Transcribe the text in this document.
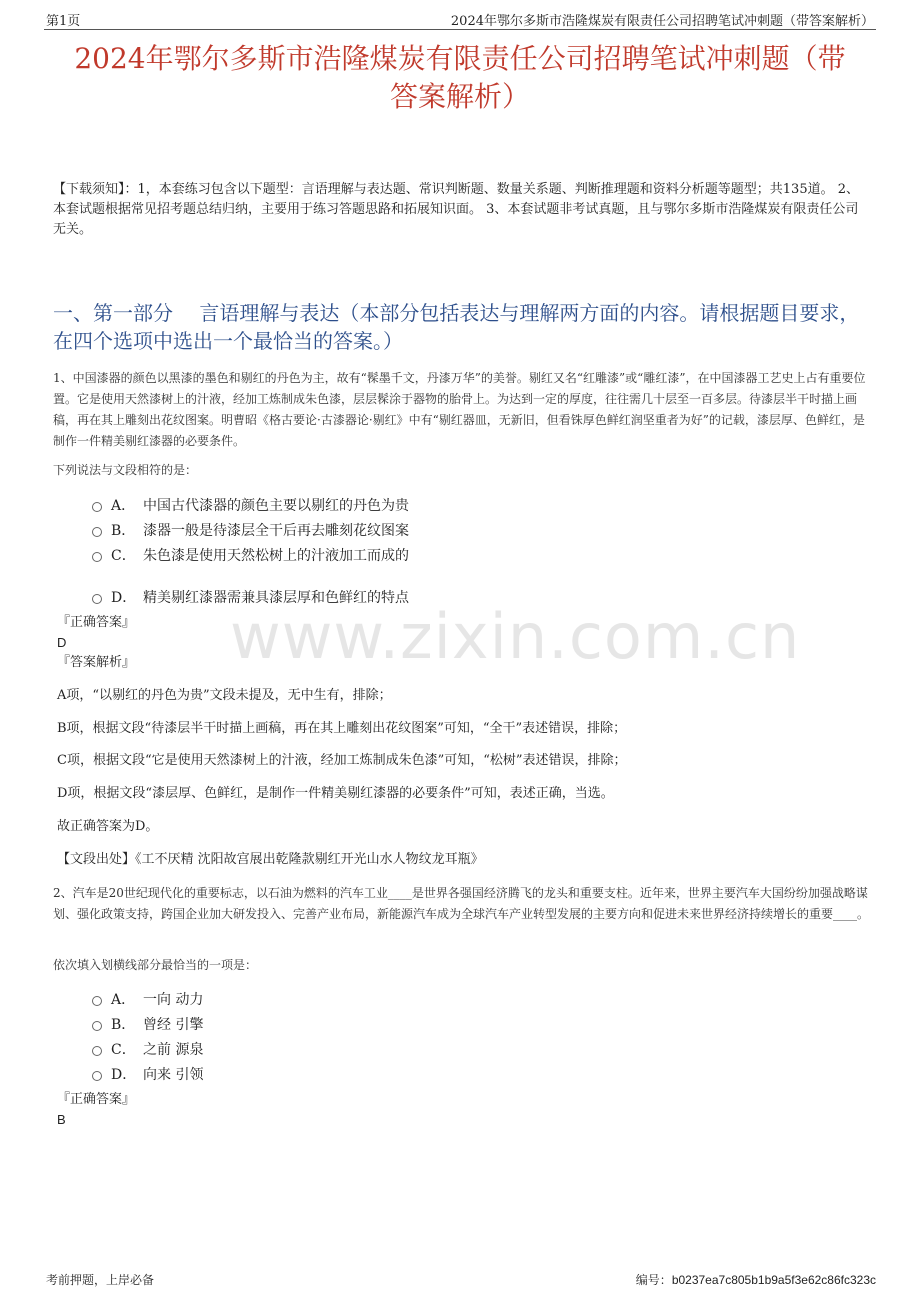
第1页	2024年鄂尔多斯市浩隆煤炭有限责任公司招聘笔试冲刺题（带答案解析）
www.zixin.com.cn
2024年鄂尔多斯市浩隆煤炭有限责任公司招聘笔试冲刺题（带
答案解析）
【下载须知】：1，本套练习包含以下题型：言语理解与表达题、常识判断题、数量关系题、判断推理题和资料分析题等题型；共135道。 2、本套试题根据常见招考题总结归纳，主要用于练习答题思路和拓展知识面。 3、本套试题非考试真题，且与鄂尔多斯市浩隆煤炭有限责任公司无关。
一、第一部分　 言语理解与表达（本部分包括表达与理解两方面的内容。请根据题目要求，在四个选项中选出一个最恰当的答案。）
1、中国漆器的颜色以黑漆的墨色和剔红的丹色为主，故有“髹墨千文，丹漆万华”的美誉。剔红又名“红雕漆”或“雕红漆”，在中国漆器工艺史上占有重要位置。它是使用天然漆树上的汁液，经加工炼制成朱色漆，层层髹涂于器物的胎骨上。为达到一定的厚度，往往需几十层至一百多层。待漆层半干时描上画稿，再在其上雕刻出花纹图案。明曹昭《格古要论·古漆器论·剔红》中有“剔红器皿，无新旧，但看铢厚色鲜红润坚重者为好”的记载，漆层厚、色鲜红，是制作一件精美剔红漆器的必要条件。
下列说法与文段相符的是：
A． 中国古代漆器的颜色主要以剔红的丹色为贵
B． 漆器一般是待漆层全干后再去雕刻花纹图案
C． 朱色漆是使用天然松树上的汁液加工而成的
D． 精美剔红漆器需兼具漆层厚和色鲜红的特点
『正确答案』
D
『答案解析』
A项，“以剔红的丹色为贵”文段未提及，无中生有，排除；
B项，根据文段“待漆层半干时描上画稿，再在其上雕刻出花纹图案”可知，“全干”表述错误，排除；
C项，根据文段“它是使用天然漆树上的汁液，经加工炼制成朱色漆”可知，“松树”表述错误，排除；
D项，根据文段“漆层厚、色鲜红，是制作一件精美剔红漆器的必要条件”可知，表述正确，当选。
故正确答案为D。
【文段出处】《工不厌精 沈阳故宫展出乾隆款剔红开光山水人物纹龙耳瓶》
2、汽车是20世纪现代化的重要标志，以石油为燃料的汽车工业____是世界各强国经济腾飞的龙头和重要支柱。近年来，世界主要汽车大国纷纷加强战略谋划、强化政策支持，跨国企业加大研发投入、完善产业布局，新能源汽车成为全球汽车产业转型发展的主要方向和促进未来世界经济持续增长的重要____。
依次填入划横线部分最恰当的一项是：
A． 一向 动力
B． 曾经 引擎
C． 之前 源泉
D． 向来 引领
『正确答案』
B
考前押题，上岸必备	编号：b0237ea7c805b1b9a5f3e62c86fc323c
